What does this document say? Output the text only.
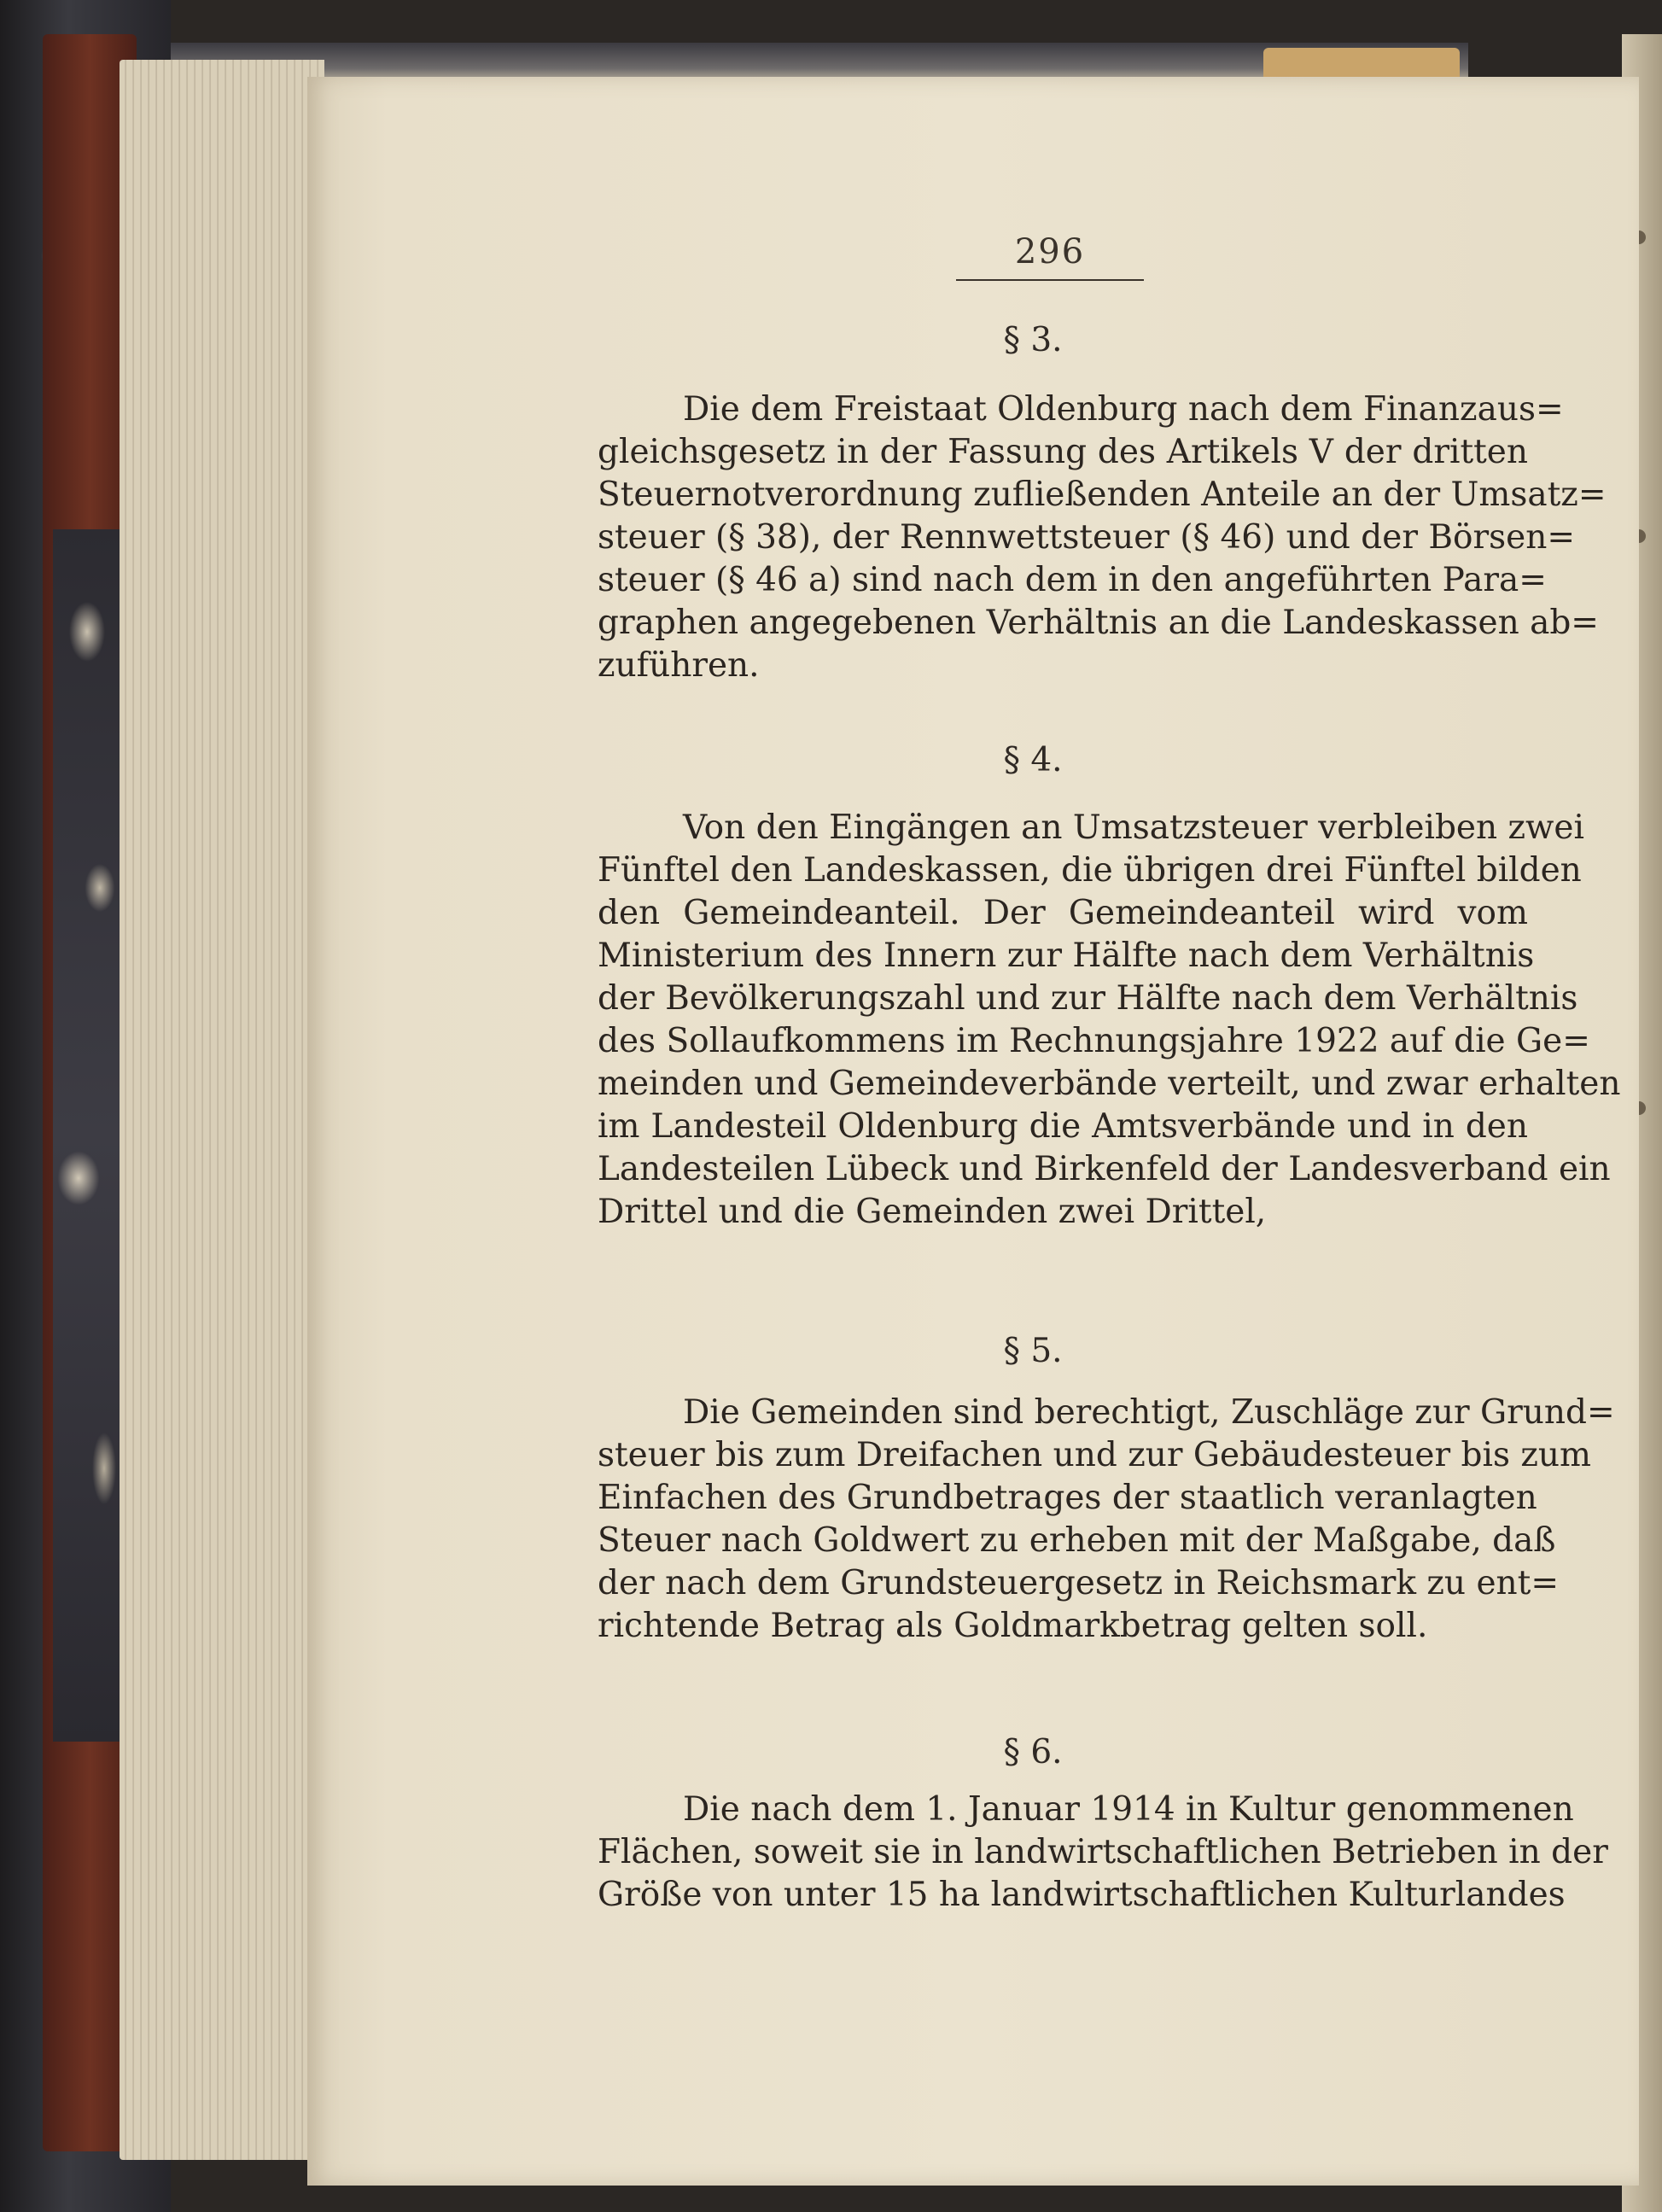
296
§ 3.
Die dem Freistaat Oldenburg nach dem Finanzaus=
gleichsgesetz in der Fassung des Artikels V der dritten
Steuernotverordnung zufließenden Anteile an der Umsatz=
steuer (§ 38), der Rennwettsteuer (§ 46) und der Börsen=
steuer (§ 46 a) sind nach dem in den angeführten Para=
graphen angegebenen Verhältnis an die Landeskassen ab=
zuführen.
§ 4.
Von den Eingängen an Umsatzsteuer verbleiben zwei
Fünftel den Landeskassen, die übrigen drei Fünftel bilden
den Gemeindeanteil. Der Gemeindeanteil wird vom
Ministerium des Innern zur Hälfte nach dem Verhältnis
der Bevölkerungszahl und zur Hälfte nach dem Verhältnis
des Sollaufkommens im Rechnungsjahre 1922 auf die Ge=
meinden und Gemeindeverbände verteilt, und zwar erhalten
im Landesteil Oldenburg die Amtsverbände und in den
Landesteilen Lübeck und Birkenfeld der Landesverband ein
Drittel und die Gemeinden zwei Drittel,
§ 5.
Die Gemeinden sind berechtigt, Zuschläge zur Grund=
steuer bis zum Dreifachen und zur Gebäudesteuer bis zum
Einfachen des Grundbetrages der staatlich veranlagten
Steuer nach Goldwert zu erheben mit der Maßgabe, daß
der nach dem Grundsteuergesetz in Reichsmark zu ent=
richtende Betrag als Goldmarkbetrag gelten soll.
§ 6.
Die nach dem 1. Januar 1914 in Kultur genommenen
Flächen, soweit sie in landwirtschaftlichen Betrieben in der
Größe von unter 15 ha landwirtschaftlichen Kulturlandes
